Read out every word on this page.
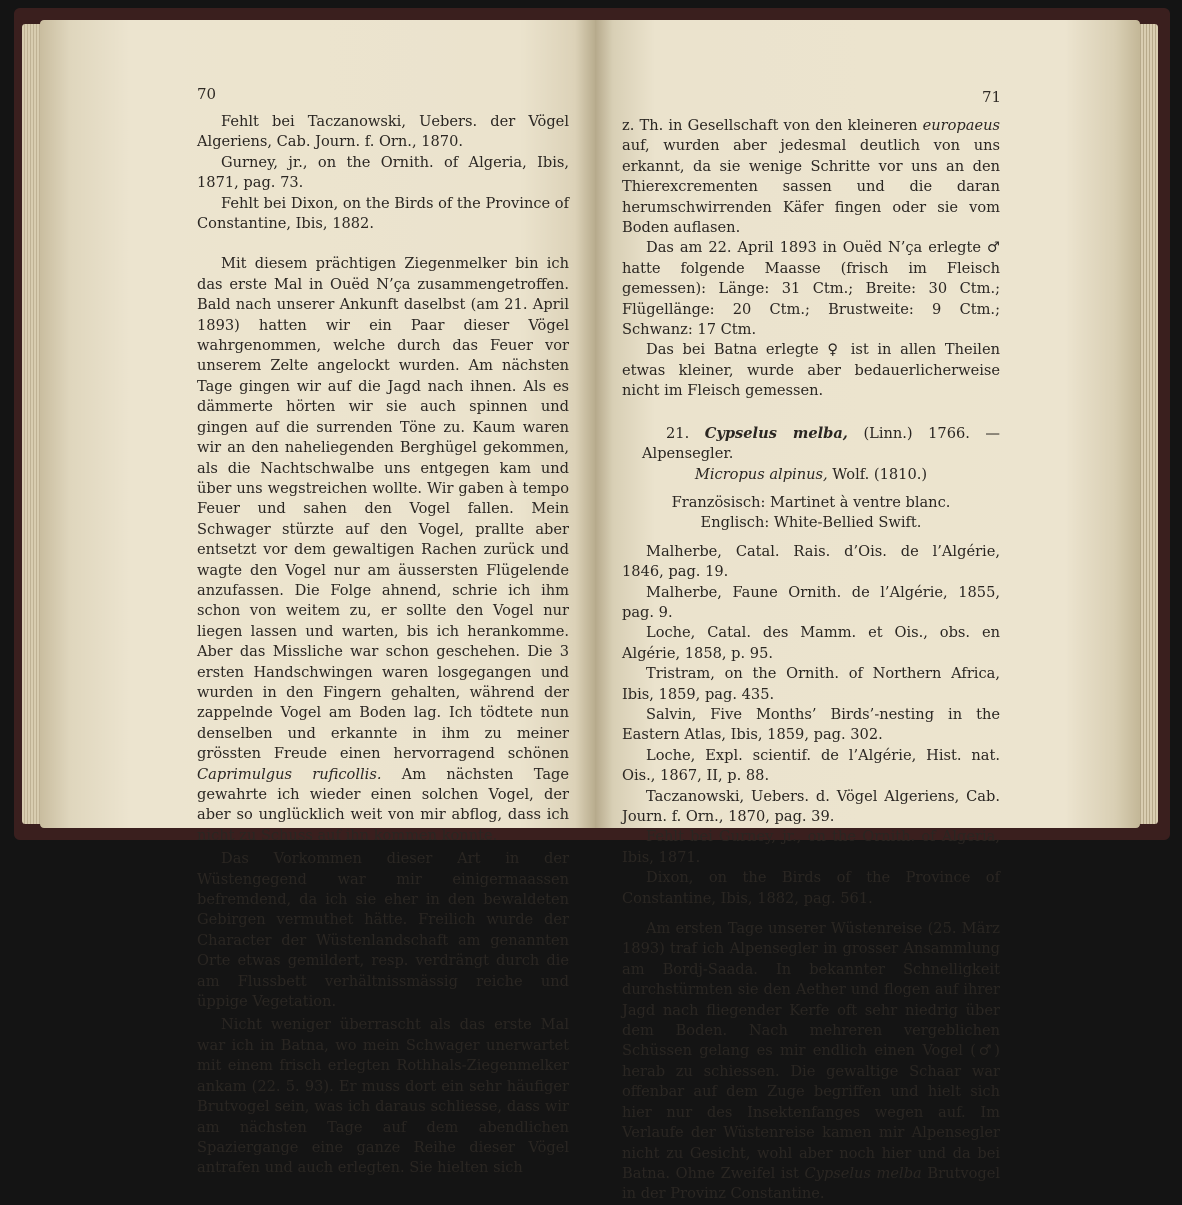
70

Fehlt bei Taczanowski, Uebers. der Vögel Algeriens, Cab. Journ. f. Orn., 1870.

Gurney, jr., on the Ornith. of Algeria, Ibis, 1871, pag. 73.

Fehlt bei Dixon, on the Birds of the Province of Constantine, Ibis, 1882.

Mit diesem prächtigen Ziegenmelker bin ich das erste Mal in Ouëd N’ça zusammengetroffen. Bald nach unserer Ankunft daselbst (am 21. April 1893) hatten wir ein Paar dieser Vögel wahrgenommen, welche durch das Feuer vor unserem Zelte angelockt wurden. Am nächsten Tage gingen wir auf die Jagd nach ihnen. Als es dämmerte hörten wir sie auch spinnen und gingen auf die surrenden Töne zu. Kaum waren wir an den naheliegenden Berghügel gekommen, als die Nachtschwalbe uns entgegen kam und über uns wegstreichen wollte. Wir gaben à tempo Feuer und sahen den Vogel fallen. Mein Schwager stürzte auf den Vogel, prallte aber entsetzt vor dem gewaltigen Rachen zurück und wagte den Vogel nur am äussersten Flügelende anzufassen. Die Folge ahnend, schrie ich ihm schon von weitem zu, er sollte den Vogel nur liegen lassen und warten, bis ich herankomme. Aber das Missliche war schon geschehen. Die 3 ersten Handschwingen waren losgegangen und wurden in den Fingern gehalten, während der zappelnde Vogel am Boden lag. Ich tödtete nun denselben und erkannte in ihm zu meiner grössten Freude einen hervorragend schönen Caprimulgus ruficollis. Am nächsten Tage gewahrte ich wieder einen solchen Vogel, der aber so unglücklich weit von mir abflog, dass ich nicht zu Schuss auf ihn kommen konnte.

Das Vorkommen dieser Art in der Wüstengegend war mir einigermaassen befremdend, da ich sie eher in den bewaldeten Gebirgen vermuthet hätte. Freilich wurde der Character der Wüstenlandschaft am genannten Orte etwas gemildert, resp. verdrängt durch die am Flussbett verhältnissmässig reiche und üppige Vegetation.

Nicht weniger überrascht als das erste Mal war ich in Batna, wo mein Schwager unerwartet mit einem frisch erlegten Rothhals-Ziegenmelker ankam (22. 5. 93). Er muss dort ein sehr häufiger Brutvogel sein, was ich daraus schliesse, dass wir am nächsten Tage auf dem abendlichen Spaziergange eine ganze Reihe dieser Vögel antrafen und auch erlegten. Sie hielten sich

71

z. Th. in Gesellschaft von den kleineren europaeus auf, wurden aber jedesmal deutlich von uns erkannt, da sie wenige Schritte vor uns an den Thierexcrementen sassen und die daran herumschwirrenden Käfer fingen oder sie vom Boden auflasen.

Das am 22. April 1893 in Ouëd N’ça erlegte ♂ hatte folgende Maasse (frisch im Fleisch gemessen): Länge: 31 Ctm.; Breite: 30 Ctm.; Flügellänge: 20 Ctm.; Brustweite: 9 Ctm.; Schwanz: 17 Ctm.

Das bei Batna erlegte ♀ ist in allen Theilen etwas kleiner, wurde aber bedauerlicherweise nicht im Fleisch gemessen.

21. Cypselus melba, (Linn.) 1766. — Alpensegler.

Micropus alpinus, Wolf. (1810.)

Französisch: Martinet à ventre blanc.

Englisch: White-Bellied Swift.

Malherbe, Catal. Rais. d’Ois. de l’Algérie, 1846, pag. 19.

Malherbe, Faune Ornith. de l’Algérie, 1855, pag. 9.

Loche, Catal. des Mamm. et Ois., obs. en Algérie, 1858, p. 95.

Tristram, on the Ornith. of Northern Africa, Ibis, 1859, pag. 435.

Salvin, Five Months’ Birds’-nesting in the Eastern Atlas, Ibis, 1859, pag. 302.

Loche, Expl. scientif. de l’Algérie, Hist. nat. Ois., 1867, II, p. 88.

Taczanowski, Uebers. d. Vögel Algeriens, Cab. Journ. f. Orn., 1870, pag. 39.

Fehlt bei Gurney, jr., on the Ornith. of Algeria, Ibis, 1871.

Dixon, on the Birds of the Province of Constantine, Ibis, 1882, pag. 561.

Am ersten Tage unserer Wüstenreise (25. März 1893) traf ich Alpensegler in grosser Ansammlung am Bordj-Saada. In bekannter Schnelligkeit durchstürmten sie den Aether und flogen auf ihrer Jagd nach fliegender Kerfe oft sehr niedrig über dem Boden. Nach mehreren vergeblichen Schüssen gelang es mir endlich einen Vogel (♂) herab zu schiessen. Die gewaltige Schaar war offenbar auf dem Zuge begriffen und hielt sich hier nur des Insektenfanges wegen auf. Im Verlaufe der Wüstenreise kamen mir Alpensegler nicht zu Gesicht, wohl aber noch hier und da bei Batna. Ohne Zweifel ist Cypselus melba Brutvogel in der Provinz Constantine.
